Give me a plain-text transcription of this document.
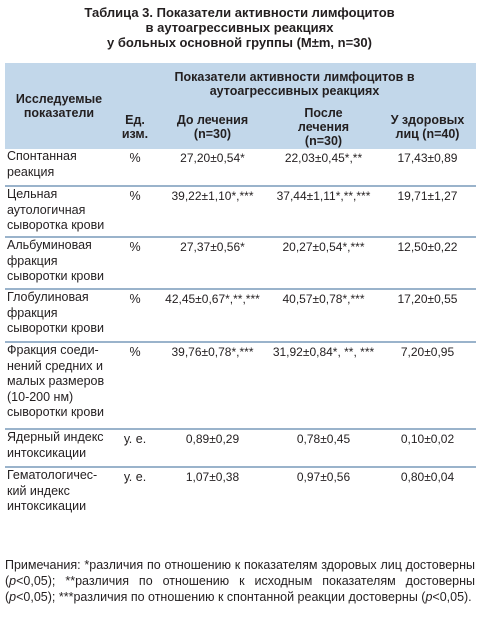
Таблица 3. Показатели активности лимфоцитов
в аутоагрессивных реакциях
у больных основной группы (M±m, n=30)
Исследуемые показатели	Показатели активности лимфоцитов в аутоагрессивных реакциях			
	Ед. изм.	До лечения (n=30)	После лечения (n=30)	У здоровых лиц (n=40)
Спонтанная реакция	%	27,20±0,54*	22,03±0,45*,**	17,43±0,89
Цельная аутологичная сыворотка крови	%	39,22±1,10*,***	37,44±1,11*,**,***	19,71±1,27
Альбуминовая фракция сыворотки крови	%	27,37±0,56*	20,27±0,54*,***	12,50±0,22
Глобулиновая фракция сыворотки крови	%	42,45±0,67*,**,***	40,57±0,78*,***	17,20±0,55
Фракция соеди-нений средних и малых размеров (10-200 нм) сыворотки крови	%	39,76±0,78*,***	31,92±0,84*, **, ***	7,20±0,95
Ядерный индекс интоксикации	у. е.	0,89±0,29	0,78±0,45	0,10±0,02
Гематологичес-кий индекс интоксикации	у. е.	1,07±0,38	0,97±0,56	0,80±0,04
Примечания: *различия по отношению к показателям здоровых лиц достоверны (р<0,05); **различия по отношению к исходным показателям достоверны (р<0,05); ***различия по отношению к спонтанной реакции достоверны (р<0,05).
